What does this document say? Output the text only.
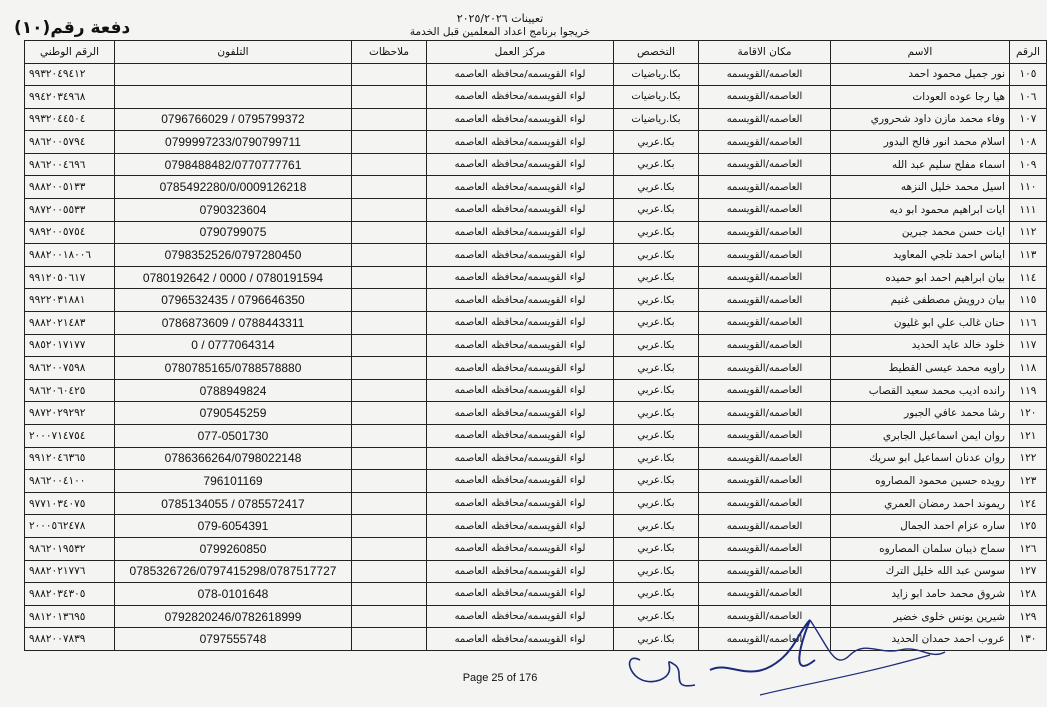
تعيينات ٢٠٢٥/٢٠٢٦
خريجوا برنامج اعداد المعلمين قبل الخدمة
دفعة رقم(١٠)
الرقم	الاسم	مكان الاقامة	التخصص	مركز العمل	ملاحظات	التلفون	الرقم الوطني
١٠٥	نور جميل محمود احمد	العاصمه/القويسمه	بكا.رياضيات	لواء القويسمه/محافظه العاصمه			٩٩٣٢٠٤٩٤١٢
١٠٦	هيا رجا عوده العودات	العاصمه/القويسمه	بكا.رياضيات	لواء القويسمه/محافظه العاصمه			٩٩٤٢٠٣٤٩٦٨
١٠٧	وفاء محمد مازن داود شحروري	العاصمه/القويسمه	بكا.رياضيات	لواء القويسمه/محافظه العاصمه		0796766029 / 0795799372	٩٩٣٢٠٤٤٥٠٤
١٠٨	اسلام محمد انور فالح البدور	العاصمه/القويسمه	بكا.عربي	لواء القويسمه/محافظه العاصمه		0799997233/0790799711	٩٨٦٢٠٠٥٧٩٤
١٠٩	اسماء مفلح سليم عبد الله	العاصمه/القويسمه	بكا.عربي	لواء القويسمه/محافظه العاصمه		0798488482/0770777761	٩٨٦٢٠٠٤٦٩٦
١١٠	اسيل محمد خليل النزهه	العاصمه/القويسمه	بكا.عربي	لواء القويسمه/محافظه العاصمه		0785492280/0/0009126218	٩٨٨٢٠٠٥١٣٣
١١١	ايات ابراهيم محمود ابو ديه	العاصمه/القويسمه	بكا.عربي	لواء القويسمه/محافظه العاصمه		0790323604	٩٨٧٢٠٠٥٥٣٣
١١٢	ايات حسن محمد جبرين	العاصمه/القويسمه	بكا.عربي	لواء القويسمه/محافظه العاصمه		0790799075	٩٨٩٢٠٠٥٧٥٤
١١٣	ايناس احمد تلجي المعاويد	العاصمه/القويسمه	بكا.عربي	لواء القويسمه/محافظه العاصمه		0798352526/0797280450	٩٨٨٢٠٠١٨٠٠٦
١١٤	بيان ابراهيم احمد ابو حميده	العاصمه/القويسمه	بكا.عربي	لواء القويسمه/محافظه العاصمه		0780192642 / 0000 / 0780191594	٩٩١٢٠٥٠٦١٧
١١٥	بيان درويش مصطفى غنيم	العاصمه/القويسمه	بكا.عربي	لواء القويسمه/محافظه العاصمه		0796532435 / 0796646350	٩٩٢٢٠٣١٨٨١
١١٦	حنان غالب علي ابو غليون	العاصمه/القويسمه	بكا.عربي	لواء القويسمه/محافظه العاصمه		0786873609 / 0788443311	٩٨٨٢٠٢١٤٨٣
١١٧	خلود خالد عايد الحديد	العاصمه/القويسمه	بكا.عربي	لواء القويسمه/محافظه العاصمه		0 / 0777064314	٩٨٥٢٠١٧١٧٧
١١٨	راويه محمد عيسى القطيط	العاصمه/القويسمه	بكا.عربي	لواء القويسمه/محافظه العاصمه		0780785165/0788578880	٩٨٦٢٠٠٧٥٩٨
١١٩	رانده اديب محمد سعيد القصاب	العاصمه/القويسمه	بكا.عربي	لواء القويسمه/محافظه العاصمه		0788949824	٩٨٦٢٠٦٠٤٢٥
١٢٠	رشا محمد عافي الجبور	العاصمه/القويسمه	بكا.عربي	لواء القويسمه/محافظه العاصمه		0790545259	٩٨٧٢٠٢٩٢٩٢
١٢١	روان ايمن اسماعيل الجابري	العاصمه/القويسمه	بكا.عربي	لواء القويسمه/محافظه العاصمه		077-0501730	٢٠٠٠٧١٤٧٥٤
١٢٢	روان عدنان اسماعيل ابو سريك	العاصمه/القويسمه	بكا.عربي	لواء القويسمه/محافظه العاصمه		0786366264/0798022148	٩٩١٢٠٤٦٣٦٥
١٢٣	رويده حسين محمود المصاروه	العاصمه/القويسمه	بكا.عربي	لواء القويسمه/محافظه العاصمه		796101169	٩٨٦٢٠٠٤١٠٠
١٢٤	ريموند احمد رمضان العمري	العاصمه/القويسمه	بكا.عربي	لواء القويسمه/محافظه العاصمه		0785134055 / 0785572417	٩٧٧١٠٣٤٠٧٥
١٢٥	ساره عزام احمد الجمال	العاصمه/القويسمه	بكا.عربي	لواء القويسمه/محافظه العاصمه		079-6054391	٢٠٠٠٥٦٢٤٧٨
١٢٦	سماح ذيبان سلمان المصاروه	العاصمه/القويسمه	بكا.عربي	لواء القويسمه/محافظه العاصمه		0799260850	٩٨٦٢٠١٩٥٣٢
١٢٧	سوسن عبد الله خليل الترك	العاصمه/القويسمه	بكا.عربي	لواء القويسمه/محافظه العاصمه		0785326726/0797415298/0787517727	٩٨٨٢٠٢١٧٧٦
١٢٨	شروق محمد حامد ابو زايد	العاصمه/القويسمه	بكا.عربي	لواء القويسمه/محافظه العاصمه		078-0101648	٩٨٨٢٠٣٤٣٠٥
١٢٩	شيرين يونس خلوى خضير	العاصمه/القويسمه	بكا.عربي	لواء القويسمه/محافظه العاصمه		0792820246/0782618999	٩٨١٢٠١٣٦٩٥
١٣٠	عروب احمد حمدان الحديد	العاصمه/القويسمه	بكا.عربي	لواء القويسمه/محافظه العاصمه		0797555748	٩٨٨٢٠٠٧٨٣٩
Page 25 of 176
